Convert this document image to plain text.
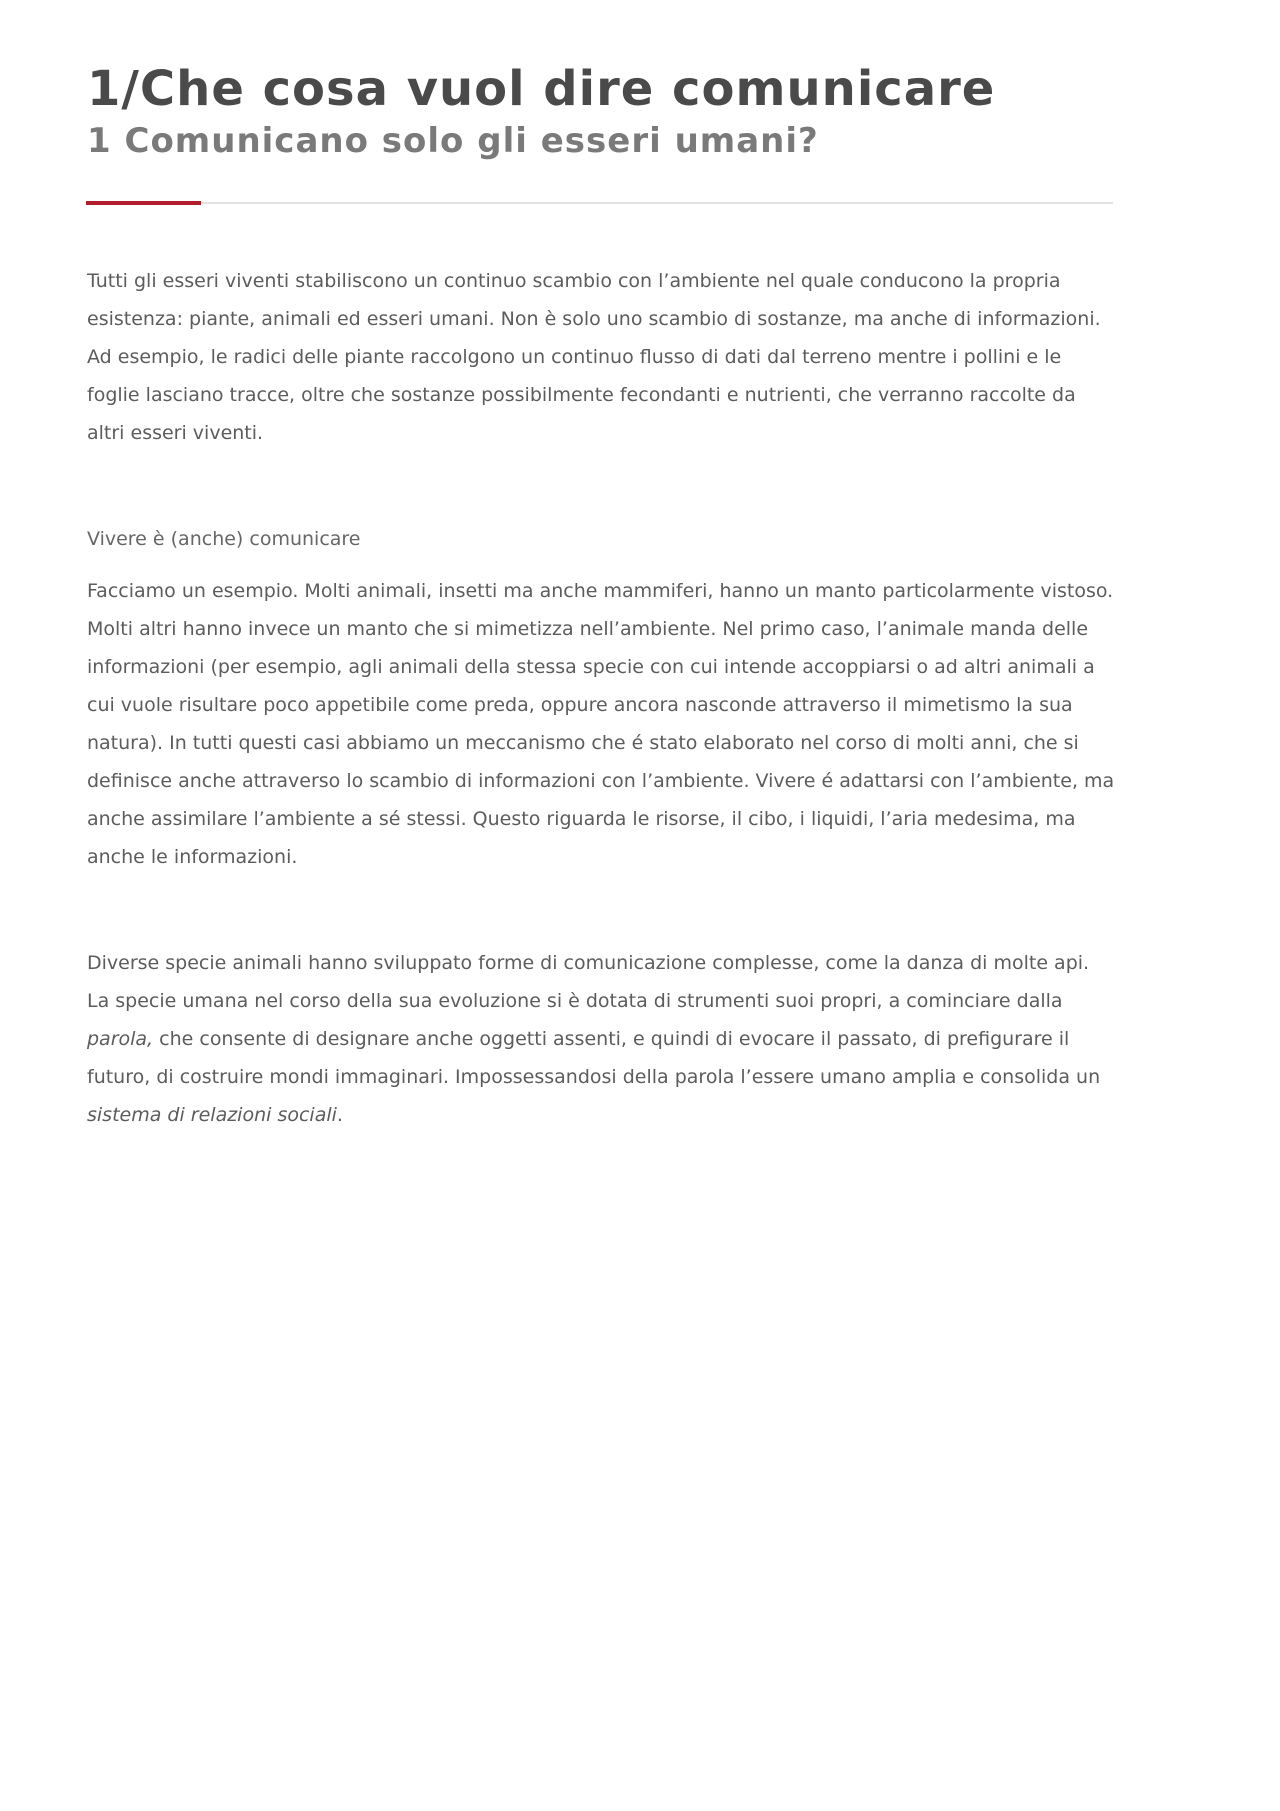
1/Che cosa vuol dire comunicare
1 Comunicano solo gli esseri umani?

Tutti gli esseri viventi stabiliscono un continuo scambio con l’ambiente nel quale conducono la propria esistenza: piante, animali ed esseri umani. Non è solo uno scambio di sostanze, ma anche di informazioni. Ad esempio, le radici delle piante raccolgono un continuo flusso di dati dal terreno mentre i pollini e le foglie lasciano tracce, oltre che sostanze possibilmente fecondanti e nutrienti, che verranno raccolte da altri esseri viventi.

Vivere è (anche) comunicare

Facciamo un esempio. Molti animali, insetti ma anche mammiferi, hanno un manto particolarmente vistoso. Molti altri hanno invece un manto che si mimetizza nell’ambiente. Nel primo caso, l’animale manda delle informazioni (per esempio, agli animali della stessa specie con cui intende accoppiarsi o ad altri animali a cui vuole risultare poco appetibile come preda, oppure ancora nasconde attraverso il mimetismo la sua natura). In tutti questi casi abbiamo un meccanismo che é stato elaborato nel corso di molti anni, che si definisce anche attraverso lo scambio di informazioni con l’ambiente. Vivere é adattarsi con l’ambiente, ma anche assimilare l’ambiente a sé stessi. Questo riguarda le risorse, il cibo, i liquidi, l’aria medesima, ma anche le informazioni.

Diverse specie animali hanno sviluppato forme di comunicazione complesse, come la danza di molte api. La specie umana nel corso della sua evoluzione si è dotata di strumenti suoi propri, a cominciare dalla parola, che consente di designare anche oggetti assenti, e quindi di evocare il passato, di prefigurare il futuro, di costruire mondi immaginari. Impossessandosi della parola l’essere umano amplia e consolida un sistema di relazioni sociali.
